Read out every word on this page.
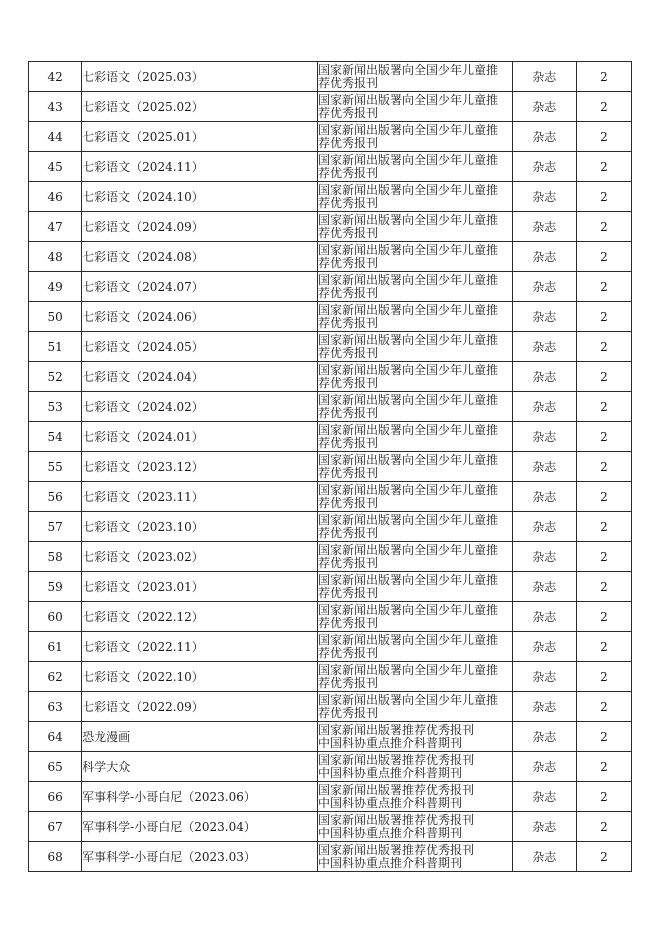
42	七彩语文（2025.03）	国家新闻出版署向全国少年儿童推
荐优秀报刊	杂志	2
43	七彩语文（2025.02）	国家新闻出版署向全国少年儿童推
荐优秀报刊	杂志	2
44	七彩语文（2025.01）	国家新闻出版署向全国少年儿童推
荐优秀报刊	杂志	2
45	七彩语文（2024.11）	国家新闻出版署向全国少年儿童推
荐优秀报刊	杂志	2
46	七彩语文（2024.10）	国家新闻出版署向全国少年儿童推
荐优秀报刊	杂志	2
47	七彩语文（2024.09）	国家新闻出版署向全国少年儿童推
荐优秀报刊	杂志	2
48	七彩语文（2024.08）	国家新闻出版署向全国少年儿童推
荐优秀报刊	杂志	2
49	七彩语文（2024.07）	国家新闻出版署向全国少年儿童推
荐优秀报刊	杂志	2
50	七彩语文（2024.06）	国家新闻出版署向全国少年儿童推
荐优秀报刊	杂志	2
51	七彩语文（2024.05）	国家新闻出版署向全国少年儿童推
荐优秀报刊	杂志	2
52	七彩语文（2024.04）	国家新闻出版署向全国少年儿童推
荐优秀报刊	杂志	2
53	七彩语文（2024.02）	国家新闻出版署向全国少年儿童推
荐优秀报刊	杂志	2
54	七彩语文（2024.01）	国家新闻出版署向全国少年儿童推
荐优秀报刊	杂志	2
55	七彩语文（2023.12）	国家新闻出版署向全国少年儿童推
荐优秀报刊	杂志	2
56	七彩语文（2023.11）	国家新闻出版署向全国少年儿童推
荐优秀报刊	杂志	2
57	七彩语文（2023.10）	国家新闻出版署向全国少年儿童推
荐优秀报刊	杂志	2
58	七彩语文（2023.02）	国家新闻出版署向全国少年儿童推
荐优秀报刊	杂志	2
59	七彩语文（2023.01）	国家新闻出版署向全国少年儿童推
荐优秀报刊	杂志	2
60	七彩语文（2022.12）	国家新闻出版署向全国少年儿童推
荐优秀报刊	杂志	2
61	七彩语文（2022.11）	国家新闻出版署向全国少年儿童推
荐优秀报刊	杂志	2
62	七彩语文（2022.10）	国家新闻出版署向全国少年儿童推
荐优秀报刊	杂志	2
63	七彩语文（2022.09）	国家新闻出版署向全国少年儿童推
荐优秀报刊	杂志	2
64	恐龙漫画	国家新闻出版署推荐优秀报刊
中国科协重点推介科普期刊	杂志	2
65	科学大众	国家新闻出版署推荐优秀报刊
中国科协重点推介科普期刊	杂志	2
66	军事科学-小哥白尼（2023.06）	国家新闻出版署推荐优秀报刊
中国科协重点推介科普期刊	杂志	2
67	军事科学-小哥白尼（2023.04）	国家新闻出版署推荐优秀报刊
中国科协重点推介科普期刊	杂志	2
68	军事科学-小哥白尼（2023.03）	国家新闻出版署推荐优秀报刊
中国科协重点推介科普期刊	杂志	2
